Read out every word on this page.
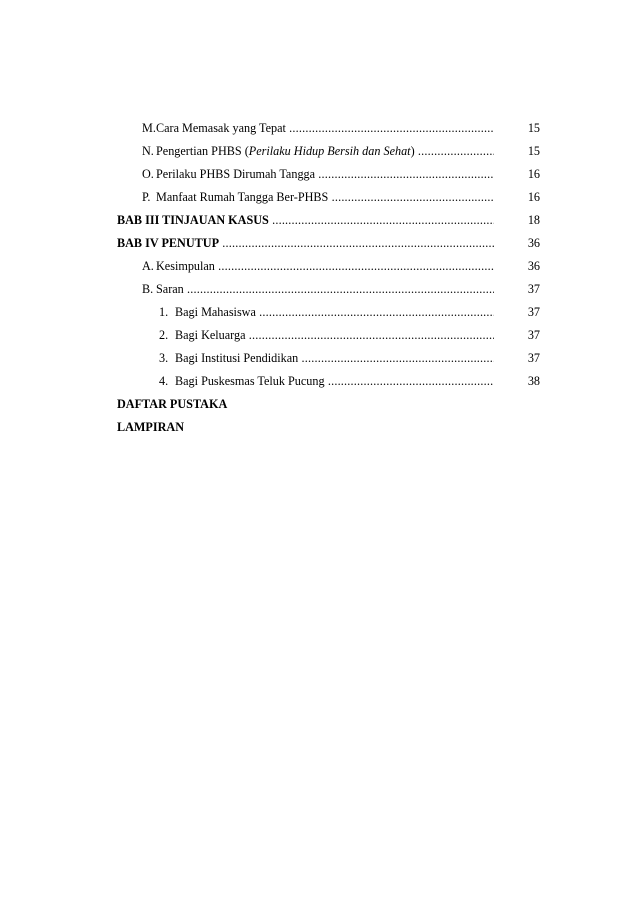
M.Cara Memasak yang Tepat .....	15
N. Pengertian PHBS (Perilaku Hidup Bersih dan Sehat) .....	15
O. Perilaku PHBS Dirumah Tangga .....	16
P. Manfaat Rumah Tangga Ber-PHBS .....	16
BAB III TINJAUAN KASUS .....	18
BAB IV PENUTUP .....	36
A. Kesimpulan .....	36
B. Saran .....	37
1. Bagi Mahasiswa .....	37
2. Bagi Keluarga .....	37
3. Bagi Institusi Pendidikan .....	37
4. Bagi Puskesmas Teluk Pucung .....	38
DAFTAR PUSTAKA
LAMPIRAN
